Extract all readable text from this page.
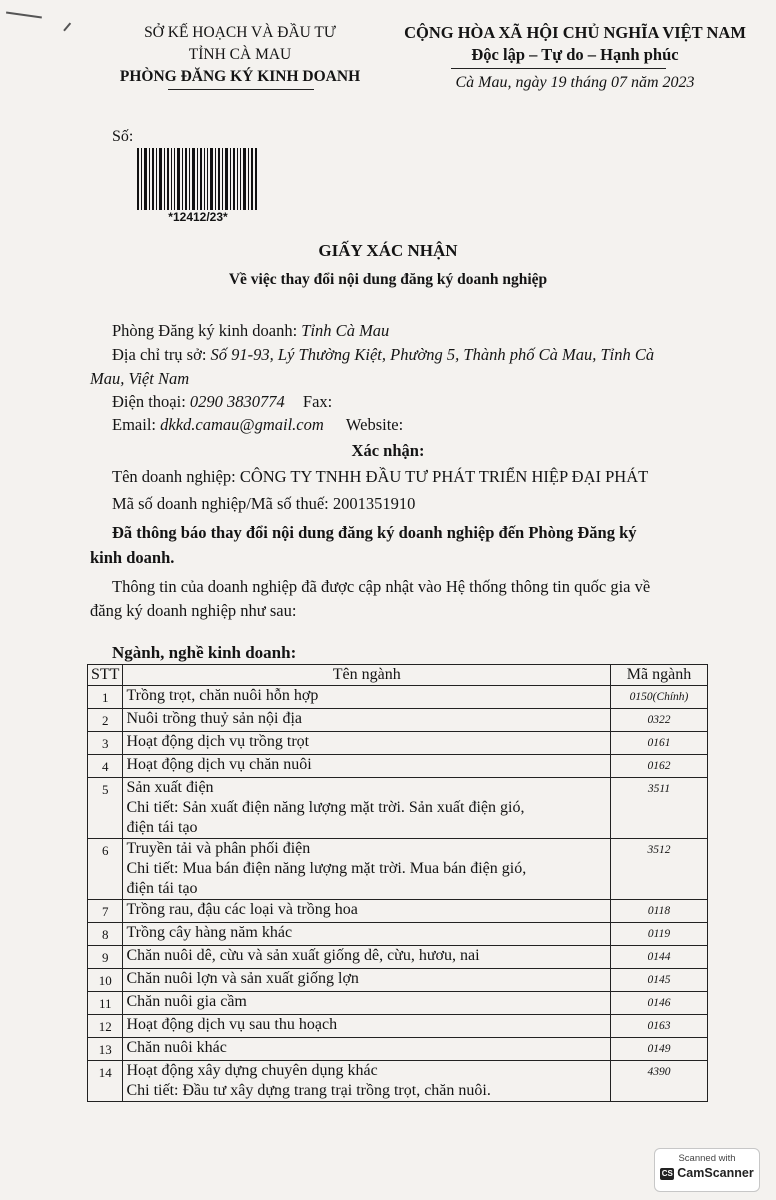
SỞ KẾ HOẠCH VÀ ĐẦU TƯ
TỈNH CÀ MAU
PHÒNG ĐĂNG KÝ KINH DOANH
CỘNG HÒA XÃ HỘI CHỦ NGHĨA VIỆT NAM
Độc lập – Tự do – Hạnh phúc
Cà Mau, ngày 19 tháng 07 năm 2023
Số:
*12412/23*
GIẤY XÁC NHẬN
Về việc thay đổi nội dung đăng ký doanh nghiệp
Phòng Đăng ký kinh doanh: Tỉnh Cà Mau
Địa chỉ trụ sở: Số 91-93, Lý Thường Kiệt, Phường 5, Thành phố Cà Mau, Tỉnh Cà
Mau, Việt Nam
Điện thoại: 0290 3830774 Fax:
Email: dkkd.camau@gmail.com Website:
Xác nhận:
Tên doanh nghiệp: CÔNG TY TNHH ĐẦU TƯ PHÁT TRIỂN HIỆP ĐẠI PHÁT
Mã số doanh nghiệp/Mã số thuế: 2001351910
Đã thông báo thay đổi nội dung đăng ký doanh nghiệp đến Phòng Đăng ký
kinh doanh.
Thông tin của doanh nghiệp đã được cập nhật vào Hệ thống thông tin quốc gia về
đăng ký doanh nghiệp như sau:
Ngành, nghề kinh doanh:
STT	Tên ngành	Mã ngành
1	Trồng trọt, chăn nuôi hỗn hợp	0150(Chính)
2	Nuôi trồng thuỷ sản nội địa	0322
3	Hoạt động dịch vụ trồng trọt	0161
4	Hoạt động dịch vụ chăn nuôi	0162
5	Sản xuất điện
Chi tiết: Sản xuất điện năng lượng mặt trời. Sản xuất điện gió,
điện tái tạo	3511
6	Truyền tải và phân phối điện
Chi tiết: Mua bán điện năng lượng mặt trời. Mua bán điện gió,
điện tái tạo	3512
7	Trồng rau, đậu các loại và trồng hoa	0118
8	Trồng cây hàng năm khác	0119
9	Chăn nuôi dê, cừu và sản xuất giống dê, cừu, hươu, nai	0144
10	Chăn nuôi lợn và sản xuất giống lợn	0145
11	Chăn nuôi gia cầm	0146
12	Hoạt động dịch vụ sau thu hoạch	0163
13	Chăn nuôi khác	0149
14	Hoạt động xây dựng chuyên dụng khác
Chi tiết: Đầu tư xây dựng trang trại trồng trọt, chăn nuôi.	4390
Scanned with
CS CamScanner
